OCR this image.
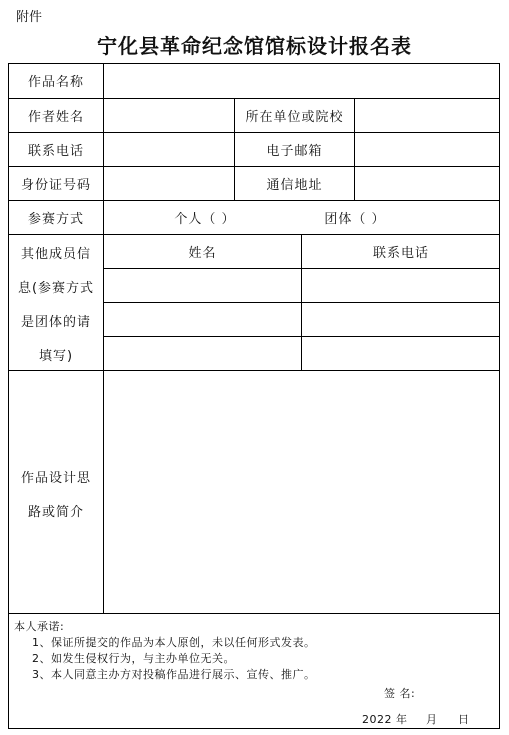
附件
宁化县革命纪念馆馆标设计报名表
作品名称
作者姓名	所在单位或院校
联系电话	电子邮箱
身份证号码	通信地址
参赛方式	个人（ ）	团体（ ）
其他成员信
息(参赛方式
是团体的请
填写)
姓名	联系电话
作品设计思
路或简介
本人承诺:
1、保证所提交的作品为本人原创，未以任何形式发表。
2、如发生侵权行为，与主办单位无关。
3、本人同意主办方对投稿作品进行展示、宣传、推广。
签 名:
2022 年 月 日
